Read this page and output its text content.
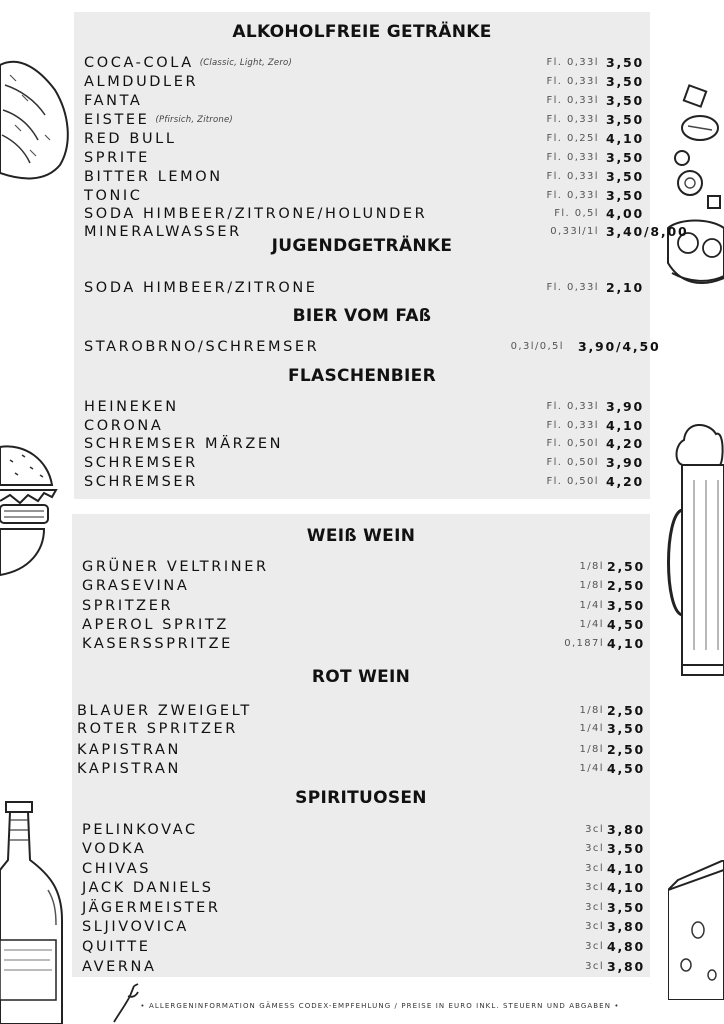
ALKOHOLFREIE GETRÄNKE
COCA-COLA (Classic, Light, Zero)	Fl. 0,33l 3,50
ALMDUDLER	Fl. 0,33l 3,50
FANTA	Fl. 0,33l 3,50
EISTEE (Pfirsich, Zitrone)	Fl. 0,33l 3,50
RED BULL	Fl. 0,25l 4,10
SPRITE	Fl. 0,33l 3,50
BITTER LEMON	Fl. 0,33l 3,50
TONIC	Fl. 0,33l 3,50
SODA HIMBEER/ZITRONE/HOLUNDER	Fl. 0,5l 4,00
MINERALWASSER	0,33l/1l 3,40/8,00
JUGENDGETRÄNKE
SODA HIMBEER/ZITRONE	Fl. 0,33l 2,10
BIER VOM FAß
STAROBRNO/SCHREMSER	0,3l/0,5l 3,90/4,50
FLASCHENBIER
HEINEKEN	Fl. 0,33l 3,90
CORONA	Fl. 0,33l 4,10
SCHREMSER MÄRZEN	Fl. 0,50l 4,20
SCHREMSER	Fl. 0,50l 3,90
SCHREMSER	Fl. 0,50l 4,20
WEIß WEIN
GRÜNER VELTRINER	1/8l 2,50
GRASEVINA	1/8l 2,50
SPRITZER	1/4l 3,50
APEROL SPRITZ	1/4l 4,50
KASERSSPRITZE	0,187l 4,10
ROT WEIN
BLAUER ZWEIGELT	1/8l 2,50
ROTER SPRITZER	1/4l 3,50
KAPISTRAN	1/8l 2,50
KAPISTRAN	1/4l 4,50
SPIRITUOSEN
PELINKOVAC	3cl 3,80
VODKA	3cl 3,50
CHIVAS	3cl 4,10
JACK DANIELS	3cl 4,10
JÄGERMEISTER	3cl 3,50
SLJIVOVICA	3cl 3,80
QUITTE	3cl 4,80
AVERNA	3cl 3,80
• ALLERGENINFORMATION GÄMESS CODEX-EMPFEHLUNG / PREISE IN EURO INKL. STEUERN UND ABGABEN •
